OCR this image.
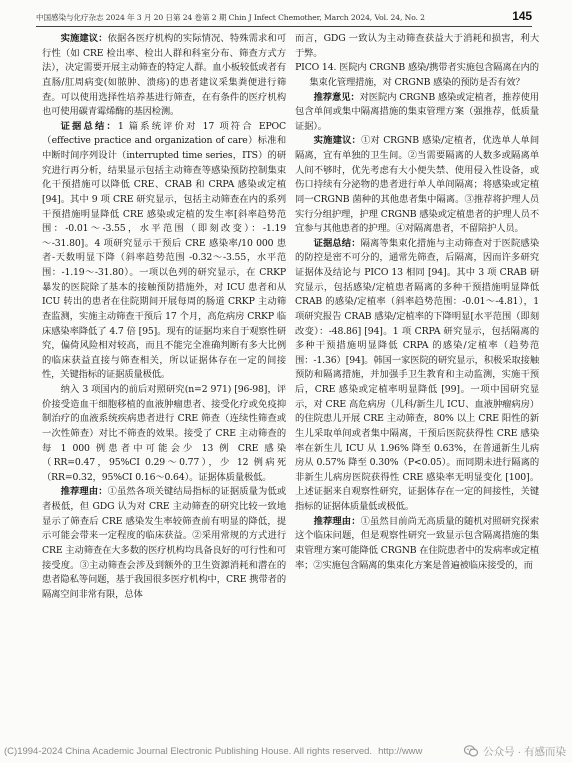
中国感染与化疗杂志 2024 年 3 月 20 日第 24 卷第 2 期 Chin J Infect Chemother, March 2024, Vol. 24, No. 2	145

实施建议：依据各医疗机构的实际情况、特殊需求和可行性（如 CRE 检出率、检出人群和科室分布、筛查方式方法），决定需要开展主动筛查的特定人群。血小板较低或者有直肠/肛周病变(如脓肿、溃疡)的患者建议采集粪便进行筛查。可以使用选择性培养基进行筛查，在有条件的医疗机构也可使用碳青霉烯酶的基因检测。

证据总结：1 篇系统评价对 17 项符合 EPOC（effective practice and organization of care）标准和中断时间序列设计（interrupted time series，ITS）的研究进行再分析，结果显示包括主动筛查等感染预防控制集束化干预措施可以降低 CRE、CRAB 和 CRPA 感染或定植 [94]。其中 9 项 CRE 研究显示，包括主动筛查在内的系列干预措施明显降低 CRE 感染或定植的发生率[斜率趋势范围：-0.01～-3.55，水平范围（即刻改变）：-1.19～-31.80]。4 项研究显示干预后 CRE 感染率/10 000 患者-天数明显下降（斜率趋势范围 -0.32～-3.55，水平范围：-1.19～-31.80）。一项以色列的研究显示，在 CRKP 暴发的医院除了基本的接触预防措施外，对 ICU 患者和从 ICU 转出的患者在住院期间开展每周的肠道 CRKP 主动筛查监测，实施主动筛查干预后 17 个月，高危病房 CRKP 临床感染率降低了 4.7 倍 [95]。现有的证据均来自于观察性研究，偏倚风险相对较高，而且不能完全准确判断有多大比例的临床获益直接与筛查相关，所以证据体存在一定的间接性，关键指标的证据质量极低。

纳入 3 项国内的前后对照研究(n=2 971) [96-98]，评价接受造血干细胞移植的血液肿瘤患者、接受化疗或免疫抑制治疗的血液系统疾病患者进行 CRE 筛查（连续性筛查或一次性筛查）对比不筛查的效果。接受了 CRE 主动筛查的每 1 000 例患者中可能会少 13 例 CRE 感染（RR=0.47，95%CI 0.29～0.77），少 12 例病死（RR=0.32，95%CI 0.16～0.64）。证据体质量极低。

推荐理由：①虽然各项关键结局指标的证据质量为低或者极低，但 GDG 认为对 CRE 主动筛查的研究比较一致地显示了筛查后 CRE 感染发生率较筛查前有明显的降低，提示可能会带来一定程度的临床获益。②采用常规的方式进行 CRE 主动筛查在大多数的医疗机构均具备良好的可行性和可接受度。③主动筛查会涉及到额外的卫生资源消耗和潜在的患者隐私等问题，基于我国很多医疗机构中，CRE 携带者的隔离空间非常有限，总体

而言，GDG 一致认为主动筛查获益大于消耗和损害，利大于弊。

PICO 14. 医院内 CRGNB 感染/携带者实施包含隔离在内的集束化管理措施，对 CRGNB 感染的预防是否有效？

推荐意见：对医院内 CRGNB 感染或定植者，推荐使用包含单间或集中隔离措施的集束管理方案（强推荐，低质量证据）。

实施建议：①对 CRGNB 感染/定植者，优选单人单间隔离，宜有单独的卫生间。②当需要隔离的人数多或隔离单人间不够时，优先考虑有大小便失禁、使用侵入性设备，或伤口持续有分泌物的患者进行单人单间隔离；将感染或定植同一CRGNB 菌种的其他患者集中隔离。③推荐将护理人员实行分组护理，护理 CRGNB 感染或定植患者的护理人员不宜参与其他患者的护理。④对隔离患者，不留陪护人员。

证据总结：隔离等集束化措施与主动筛查对于医院感染的防控是密不可分的，通常先筛查，后隔离，因而许多研究证据体及结论与 PICO 13 相同 [94]。其中 3 项 CRAB 研究显示，包括感染/定植患者隔离的多种干预措施明显降低 CRAB 的感染/定植率（斜率趋势范围：-0.01～-4.81），1 项研究报告 CRAB 感染/定植率的下降明显[水平范围（即刻改变）：-48.86] [94]。1 项 CRPA 研究显示，包括隔离的多种干预措施明显降低 CRPA 的感染/定植率（趋势范围：-1.36）[94]。韩国一家医院的研究显示，积极采取接触预防和隔离措施，并加强手卫生教育和主动监测，实施干预后，CRE 感染或定植率明显降低 [99]。一项中国研究显示，对 CRE 高危病房（儿科/新生儿 ICU、血液肿瘤病房）的住院患儿开展 CRE 主动筛查，80% 以上 CRE 阳性的新生儿采取单间或者集中隔离，干预后医院获得性 CRE 感染率在新生儿 ICU 从 1.96% 降至 0.63%，在普通新生儿病房从 0.57% 降至 0.30%（P<0.05）。而同期未进行隔离的非新生儿病房医院获得性 CRE 感染率无明显变化 [100]。上述证据来自观察性研究，证据体存在一定的间接性，关键指标的证据体质量低或极低。

推荐理由：①虽然目前尚无高质量的随机对照研究探索这个临床问题，但是观察性研究一致显示包含隔离措施的集束管理方案可能降低 CRGNB 在住院患者中的发病率或定植率；②实施包含隔离的集束化方案是普遍被临床接受的，而

(C)1994-2024 China Academic Journal Electronic Publishing House. All rights reserved. http://www	公众号 · 有感而染
